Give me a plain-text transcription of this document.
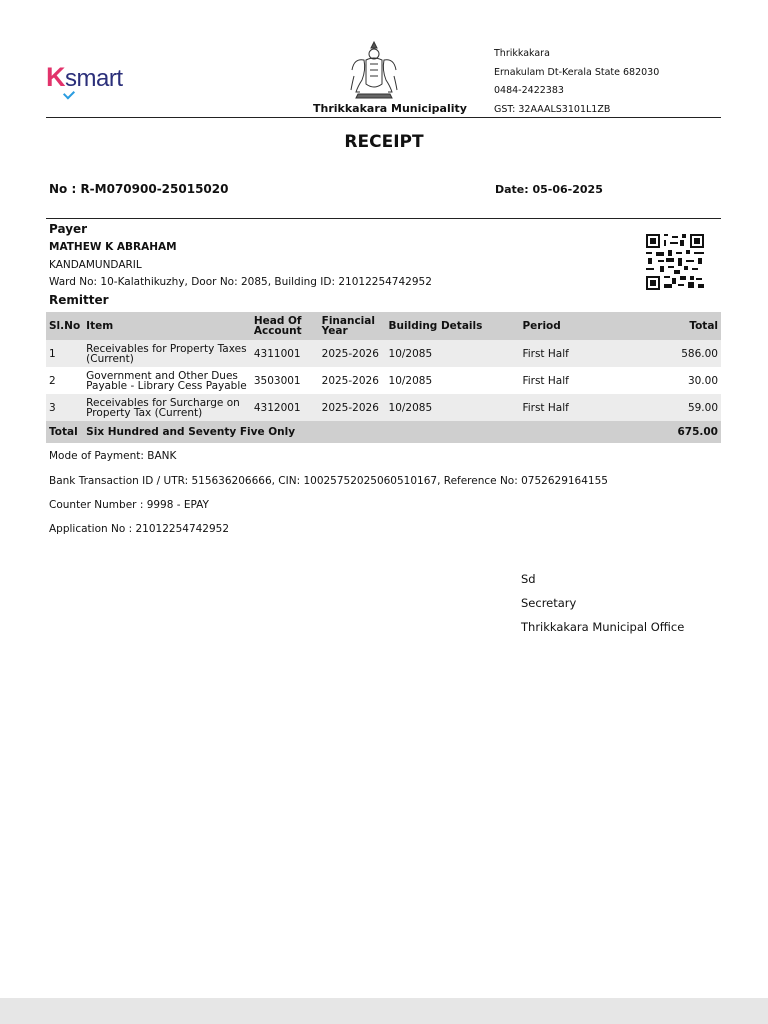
Ksmart
Thrikkakara Municipality
Thrikkakara
Ernakulam Dt-Kerala State 682030
0484-2422383
GST: 32AAALS3101L1ZB
RECEIPT
No : R-M070900-25015020	Date: 05-06-2025
Payer
MATHEW K ABRAHAM
KANDAMUNDARIL
Ward No: 10-Kalathikuzhy, Door No: 2085, Building ID: 21012254742952
Remitter
Sl.No	Item	Head Of Account	Financial Year	Building Details	Period	Total
1	Receivables for Property Taxes (Current)	4311001	2025-2026	10/2085	First Half	586.00
2	Government and Other Dues Payable - Library Cess Payable	3503001	2025-2026	10/2085	First Half	30.00
3	Receivables for Surcharge on Property Tax (Current)	4312001	2025-2026	10/2085	First Half	59.00
Total	Six Hundred and Seventy Five Only					675.00
Mode of Payment: BANK
Bank Transaction ID / UTR: 515636206666, CIN: 10025752025060510167, Reference No: 0752629164155
Counter Number : 9998 - EPAY
Application No : 21012254742952
Sd
Secretary
Thrikkakara Municipal Office
